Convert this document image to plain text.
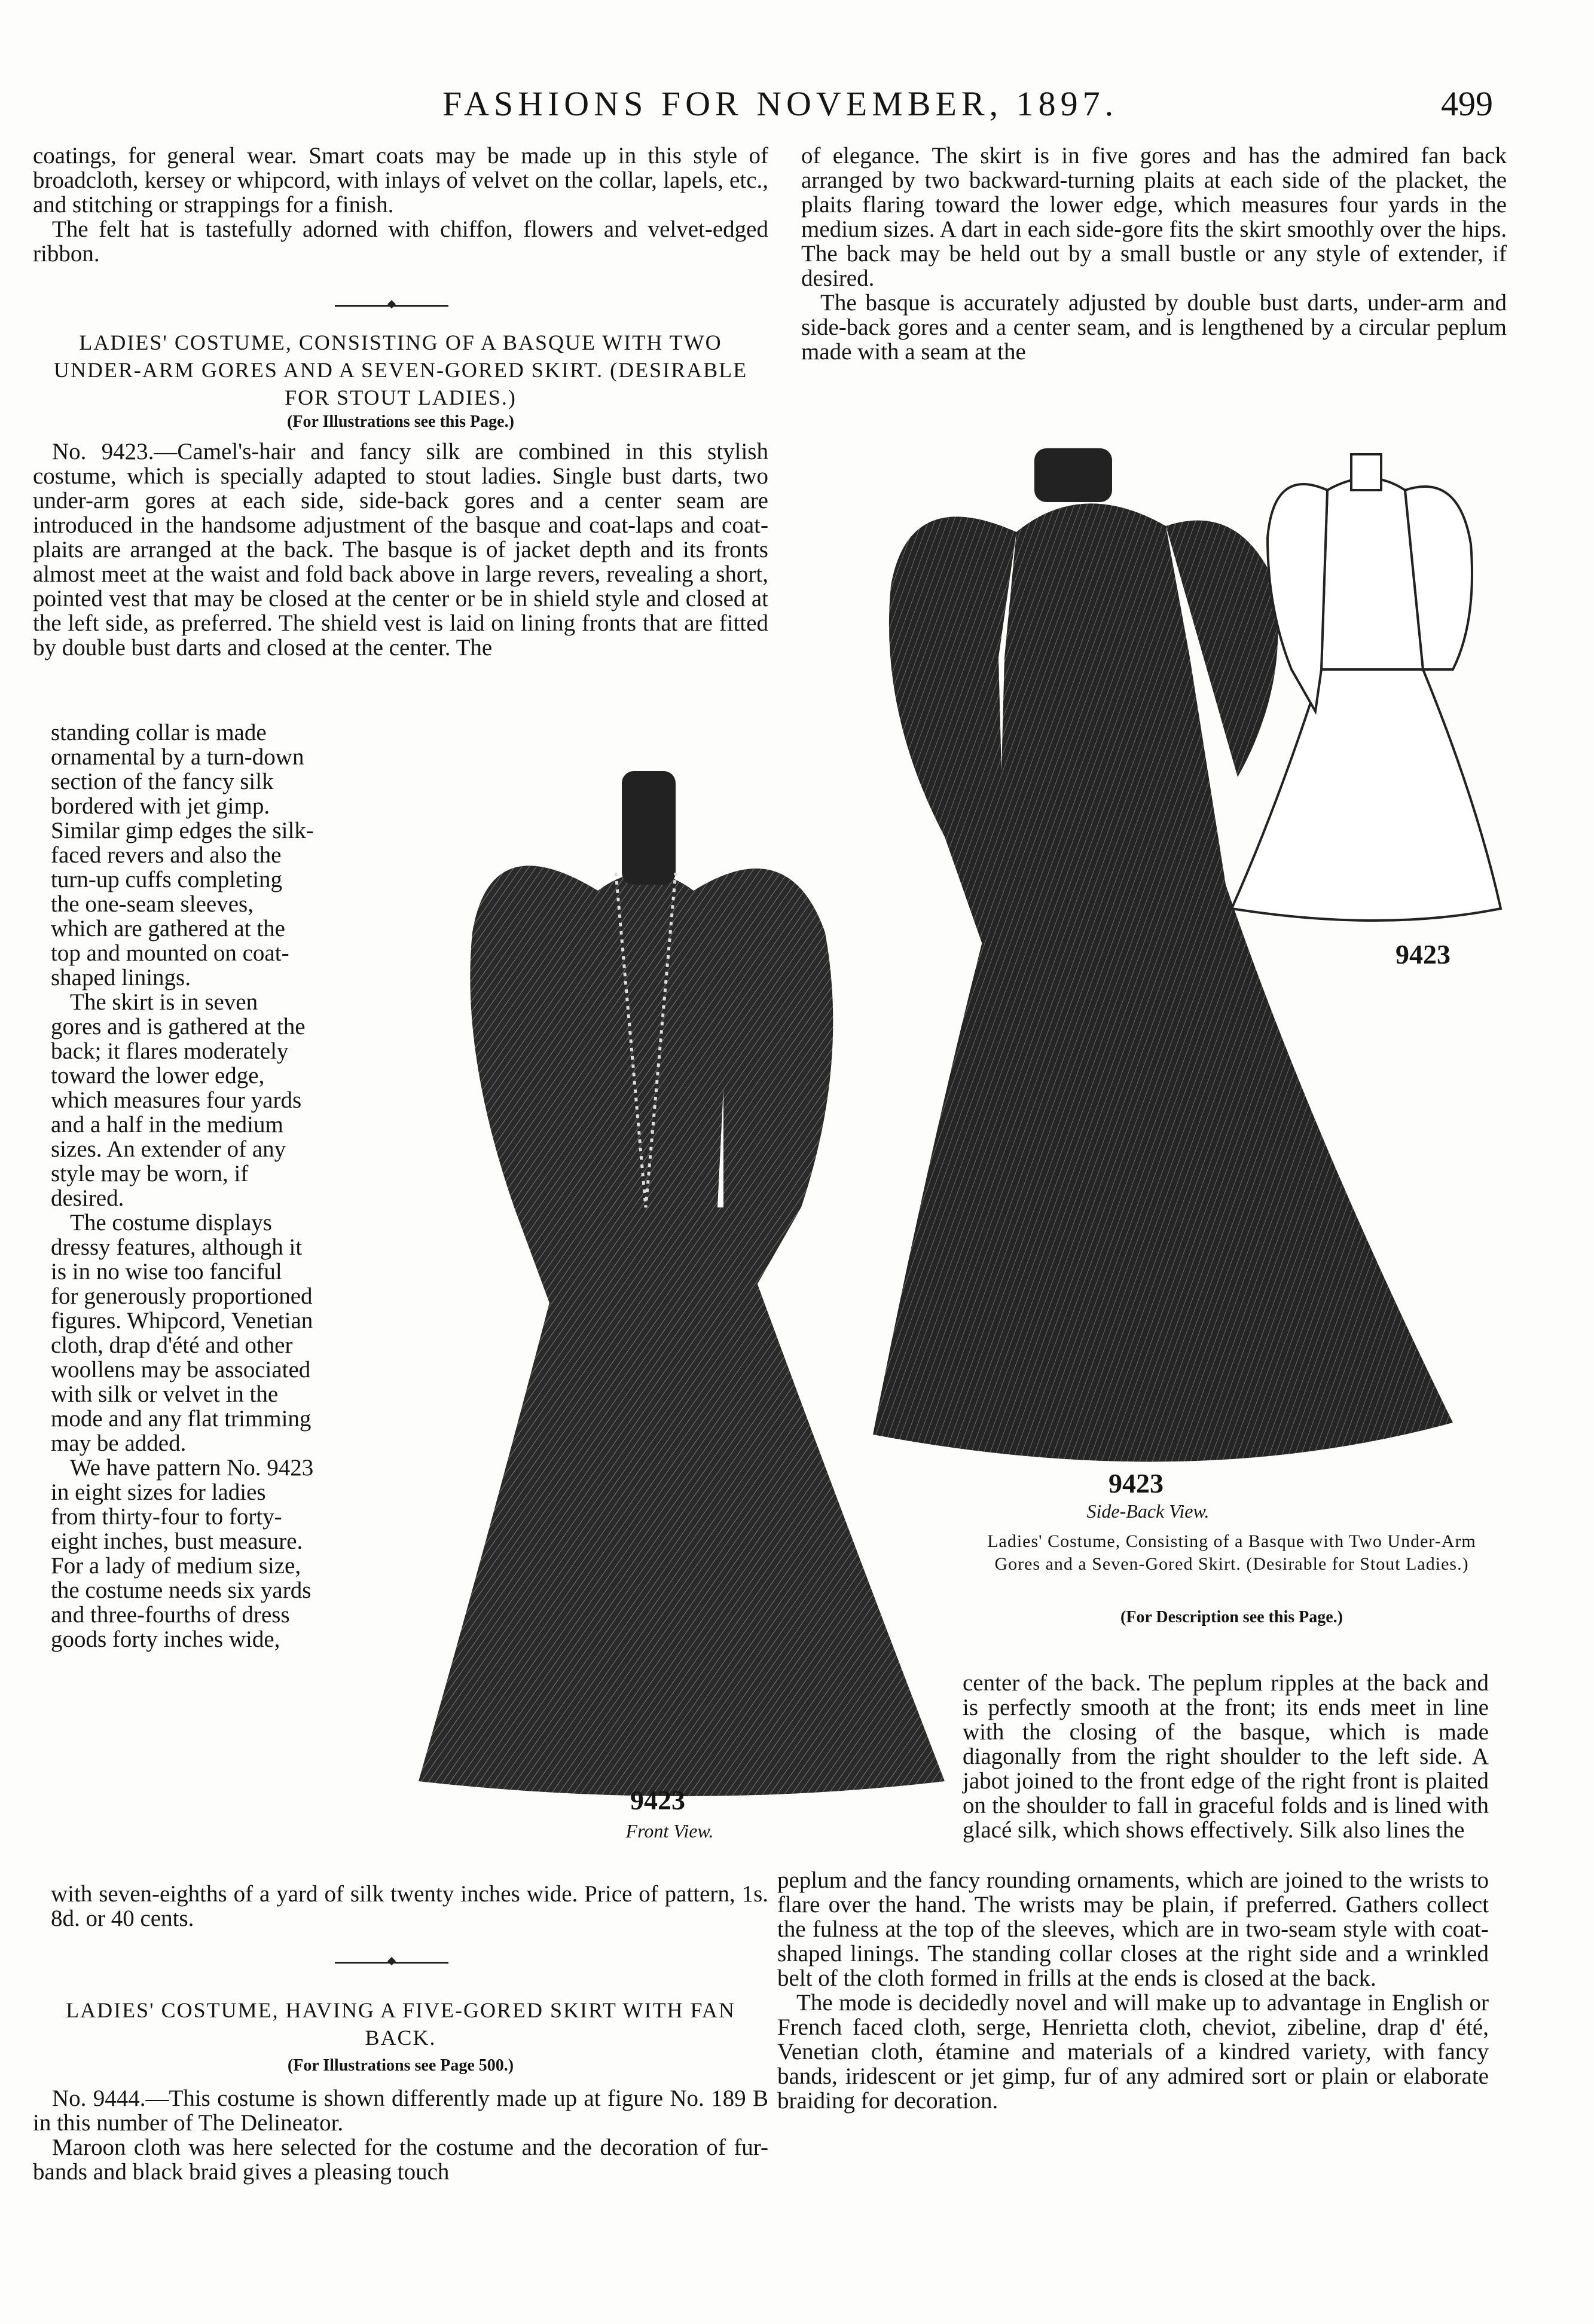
FASHIONS FOR NOVEMBER, 1897.	499

coatings, for general wear. Smart coats may be made up in this style of broadcloth, kersey or whipcord, with inlays of velvet on the collar, lapels, etc., and stitching or strappings for a finish.

The felt hat is tastefully adorned with chiffon, flowers and velvet-edged ribbon.

LADIES' COSTUME, CONSISTING OF A BASQUE WITH TWO UNDER-ARM GORES AND A SEVEN-GORED SKIRT. (DESIRABLE FOR STOUT LADIES.)
(For Illustrations see this Page.)

No. 9423.—Camel's-hair and fancy silk are combined in this stylish costume, which is specially adapted to stout ladies. Single bust darts, two under-arm gores at each side, side-back gores and a center seam are introduced in the handsome adjustment of the basque and coat-laps and coat-plaits are arranged at the back. The basque is of jacket depth and its fronts almost meet at the waist and fold back above in large revers, revealing a short, pointed vest that may be closed at the center or be in shield style and closed at the left side, as preferred. The shield vest is laid on lining fronts that are fitted by double bust darts and closed at the center. The

standing collar is made ornamental by a turn-down section of the fancy silk bordered with jet gimp. Similar gimp edges the silk-faced revers and also the turn-up cuffs completing the one-seam sleeves, which are gathered at the top and mounted on coat-shaped linings.

The skirt is in seven gores and is gathered at the back; it flares moderately toward the lower edge, which measures four yards and a half in the medium sizes. An extender of any style may be worn, if desired.

The costume displays dressy features, although it is in no wise too fanciful for generously proportioned figures. Whipcord, Venetian cloth, drap d'été and other woollens may be associated with silk or velvet in the mode and any flat trimming may be added.

We have pattern No. 9423 in eight sizes for ladies from thirty-four to forty-eight inches, bust measure. For a lady of medium size, the costume needs six yards and three-fourths of dress goods forty inches wide,

with seven-eighths of a yard of silk twenty inches wide. Price of pattern, 1s. 8d. or 40 cents.

LADIES' COSTUME, HAVING A FIVE-GORED SKIRT WITH FAN BACK.
(For Illustrations see Page 500.)

No. 9444.—This costume is shown differently made up at figure No. 189 B in this number of The Delineator.

Maroon cloth was here selected for the costume and the decoration of fur-bands and black braid gives a pleasing touch

of elegance. The skirt is in five gores and has the admired fan back arranged by two backward-turning plaits at each side of the placket, the plaits flaring toward the lower edge, which measures four yards in the medium sizes. A dart in each side-gore fits the skirt smoothly over the hips. The back may be held out by a small bustle or any style of extender, if desired.

The basque is accurately adjusted by double bust darts, under-arm and side-back gores and a center seam, and is lengthened by a circular peplum made with a seam at the

center of the back. The peplum ripples at the back and is perfectly smooth at the front; its ends meet in line with the closing of the basque, which is made diagonally from the right shoulder to the left side. A jabot joined to the front edge of the right front is plaited on the shoulder to fall in graceful folds and is lined with glacé silk, which shows effectively. Silk also lines the

peplum and the fancy rounding ornaments, which are joined to the wrists to flare over the hand. The wrists may be plain, if preferred. Gathers collect the fulness at the top of the sleeves, which are in two-seam style with coat-shaped linings. The standing collar closes at the right side and a wrinkled belt of the cloth formed in frills at the ends is closed at the back.

The mode is decidedly novel and will make up to advantage in English or French faced cloth, serge, Henrietta cloth, cheviot, zibeline, drap d' été, Venetian cloth, étamine and materials of a kindred variety, with fancy bands, iridescent or jet gimp, fur of any admired sort or plain or elaborate braiding for decoration.

9423
Front View.
9423
Side-Back View.
9423
Ladies' Costume, Consisting of a Basque with Two Under-Arm Gores and a Seven-Gored Skirt. (Desirable for Stout Ladies.)
(For Description see this Page.)
